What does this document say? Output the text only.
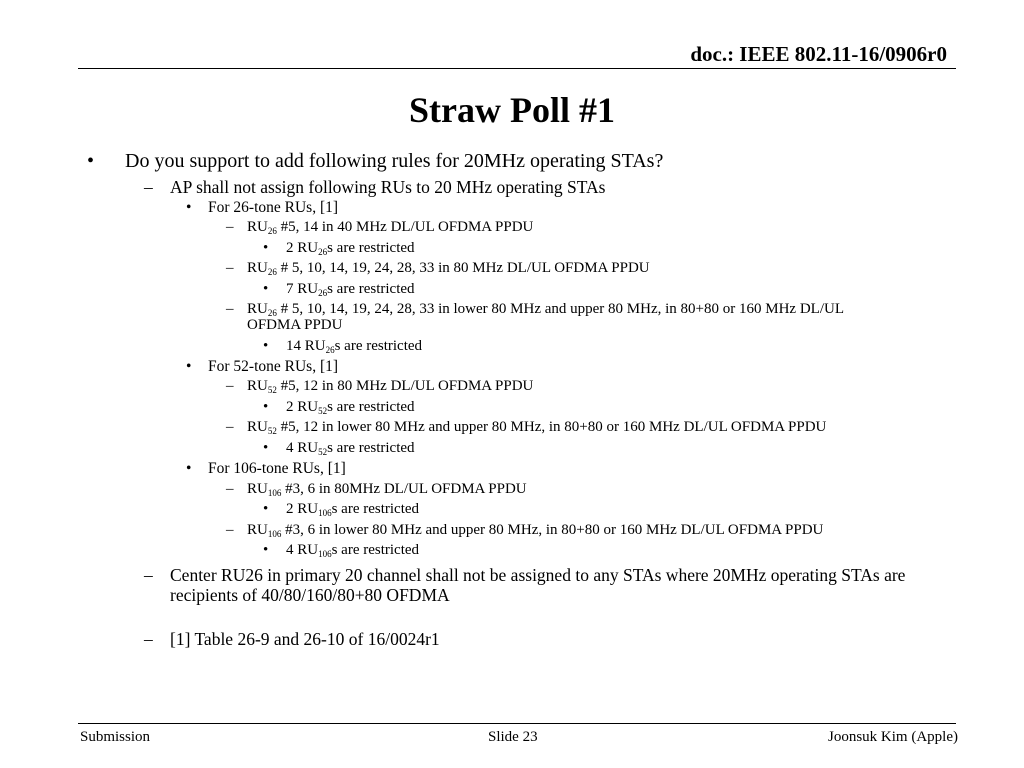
doc.: IEEE 802.11-16/0906r0
Straw Poll #1
• Do you support to add following rules for 20MHz operating STAs?
– AP shall not assign following RUs to 20 MHz operating STAs
• For 26-tone RUs, [1]
– $RU_{26}$ #5, 14 in 40 MHz DL/UL OFDMA PPDU
• 2 $RU_{26}s$ are restricted
– $RU_{26}$ # 5, 10, 14, 19, 24, 28, 33 in 80 MHz DL/UL OFDMA PPDU
• 7 $RU_{26}s$ are restricted
– $RU_{26}$ # 5, 10, 14, 19, 24, 28, 33 in lower 80 MHz and upper 80 MHz, in 80+80 or 160 MHz DL/UL OFDMA PPDU
• 14 $RU_{26}s$ are restricted
• For 52-tone RUs, [1]
– $RU_{52}$ #5, 12 in 80 MHz DL/UL OFDMA PPDU
• 2 $RU_{52}s$ are restricted
– $RU_{52}$ #5, 12 in lower 80 MHz and upper 80 MHz, in 80+80 or 160 MHz DL/UL OFDMA PPDU
• 4 $RU_{52}s$ are restricted
• For 106-tone RUs, [1]
– $RU_{106}$ #3, 6 in 80MHz DL/UL OFDMA PPDU
• 2 $RU_{106}s$ are restricted
– $RU_{106}$ #3, 6 in lower 80 MHz and upper 80 MHz, in 80+80 or 160 MHz DL/UL OFDMA PPDU
• 4 $RU_{106}s$ are restricted
– Center RU26 in primary 20 channel shall not be assigned to any STAs where 20MHz operating STAs are recipients of 40/80/160/80+80 OFDMA
– [1] Table 26-9 and 26-10 of 16/0024r1
Submission	Slide 23	Joonsuk Kim (Apple)
